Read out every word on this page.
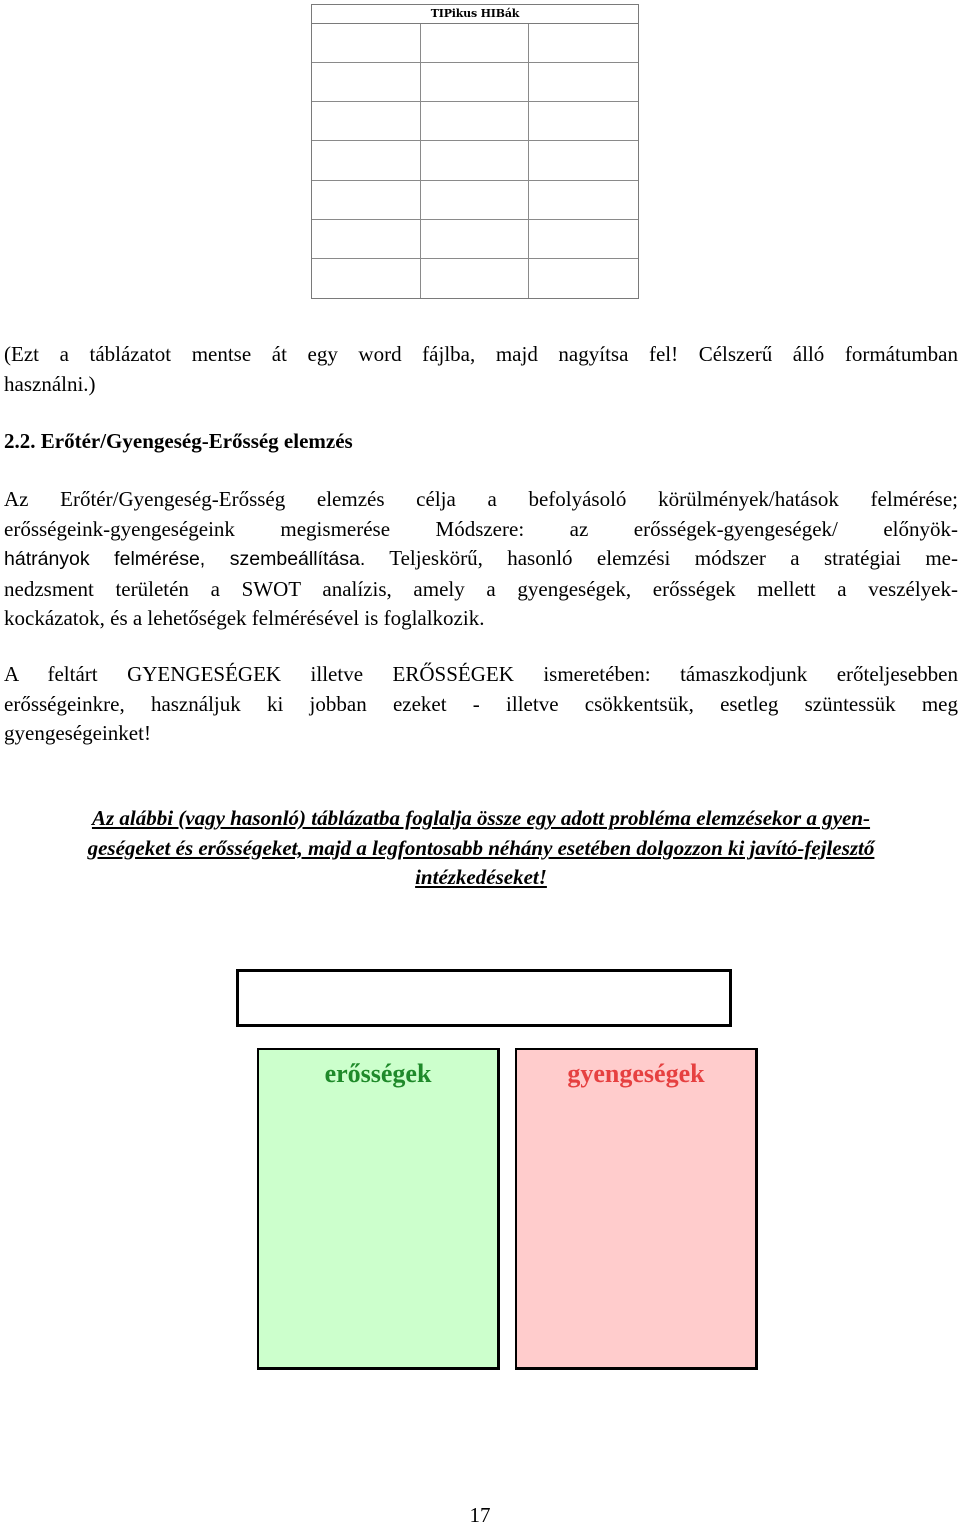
TIPikus HIBák
(Ezt a táblázatot mentse át egy word fájlba, majd nagyítsa fel! Célszerű álló formátumban
használni.)
2.2. Erőtér/Gyengeség-Erősség elemzés
Az Erőtér/Gyengeség-Erősség elemzés célja a befolyásoló körülmények/hatások felmérése;
erősségeink-gyengeségeink megismerése Módszere: az erősségek-gyengeségek/ előnyök-
hátrányok felmérése, szembeállítása. Teljeskörű, hasonló elemzési módszer a stratégiai me-
nedzsment területén a SWOT analízis, amely a gyengeségek, erősségek mellett a veszélyek-
kockázatok, és a lehetőségek felmérésével is foglalkozik.
A feltárt GYENGESÉGEK illetve ERŐSSÉGEK ismeretében: támaszkodjunk erőteljesebben
erősségeinkre, használjuk ki jobban ezeket - illetve csökkentsük, esetleg szüntessük meg
gyengeségeinket!
Az alábbi (vagy hasonló) táblázatba foglalja össze egy adott probléma elemzésekor a gyen-
geségeket és erősségeket, majd a legfontosabb néhány esetében dolgozzon ki javító-fejlesztő
intézkedéseket!
erősségek	gyengeségek
17
